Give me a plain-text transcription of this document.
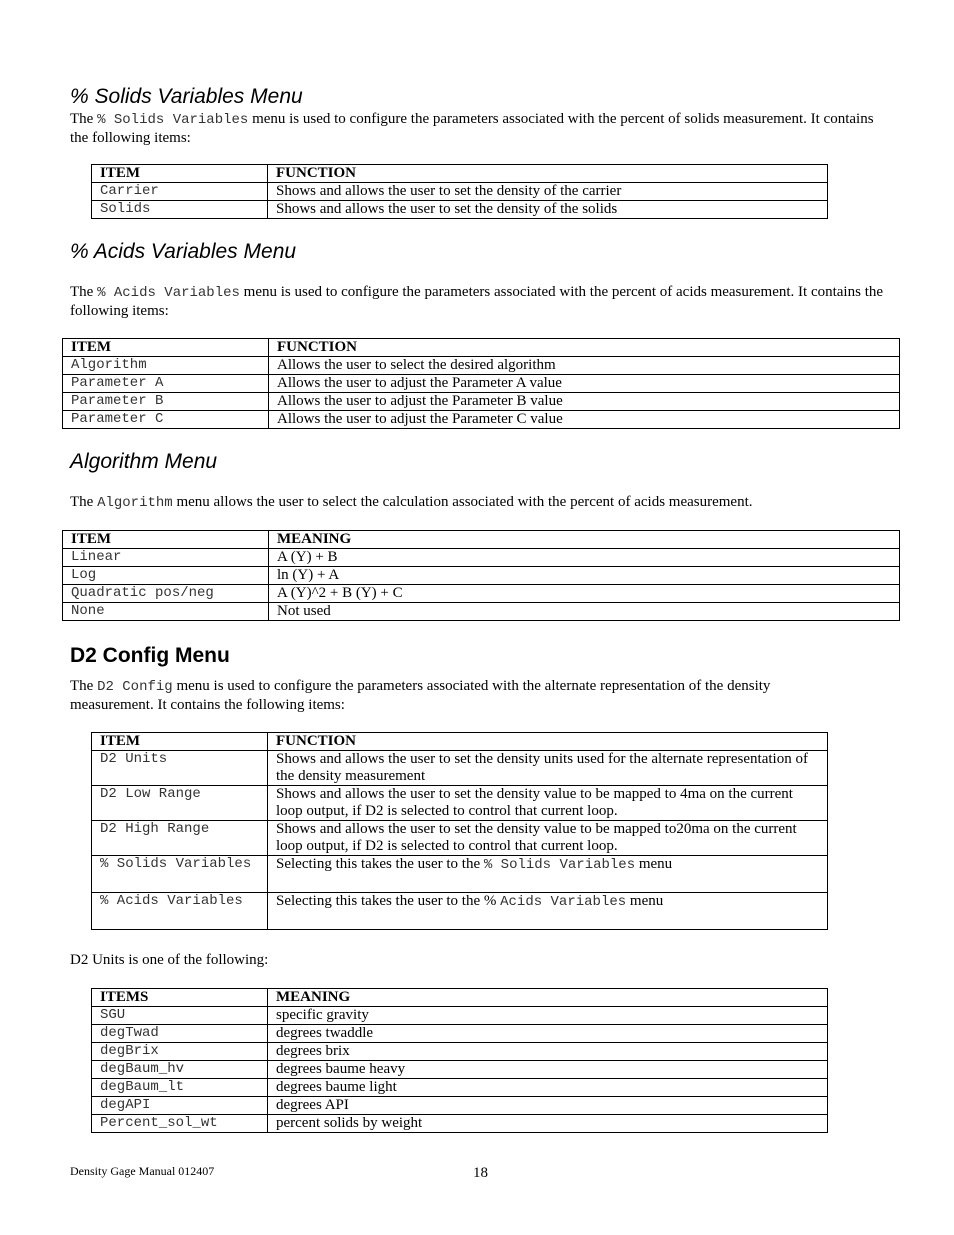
% Solids Variables Menu

The % Solids Variables menu is used to configure the parameters associated with the percent of solids measurement. It contains the following items:

ITEM	FUNCTION
Carrier	Shows and allows the user to set the density of the carrier
Solids	Shows and allows the user to set the density of the solids
% Acids Variables Menu

The % Acids Variables menu is used to configure the parameters associated with the percent of acids measurement. It contains the following items:

ITEM	FUNCTION
Algorithm	Allows the user to select the desired algorithm
Parameter A	Allows the user to adjust the Parameter A value
Parameter B	Allows the user to adjust the Parameter B value
Parameter C	Allows the user to adjust the Parameter C value
Algorithm Menu

The Algorithm menu allows the user to select the calculation associated with the percent of acids measurement.

ITEM	MEANING
Linear	A (Y) + B
Log	ln (Y) + A
Quadratic pos/neg	A (Y)^2 + B (Y) + C
None	Not used
D2 Config Menu

The D2 Config menu is used to configure the parameters associated with the alternate representation of the density measurement. It contains the following items:

ITEM	FUNCTION
D2 Units	Shows and allows the user to set the density units used for the alternate representation of the density measurement
D2 Low Range	Shows and allows the user to set the density value to be mapped to 4ma on the current loop output, if D2 is selected to control that current loop.
D2 High Range	Shows and allows the user to set the density value to be mapped to20ma on the current loop output, if D2 is selected to control that current loop.
% Solids Variables	Selecting this takes the user to the % Solids Variables menu
% Acids Variables	Selecting this takes the user to the % Acids Variables menu

D2 Units is one of the following:

ITEMS	MEANING
SGU	specific gravity
degTwad	degrees twaddle
degBrix	degrees brix
degBaum_hv	degrees baume heavy
degBaum_lt	degrees baume light
degAPI	degrees API
Percent_sol_wt	percent solids by weight
Density Gage Manual 012407	18
